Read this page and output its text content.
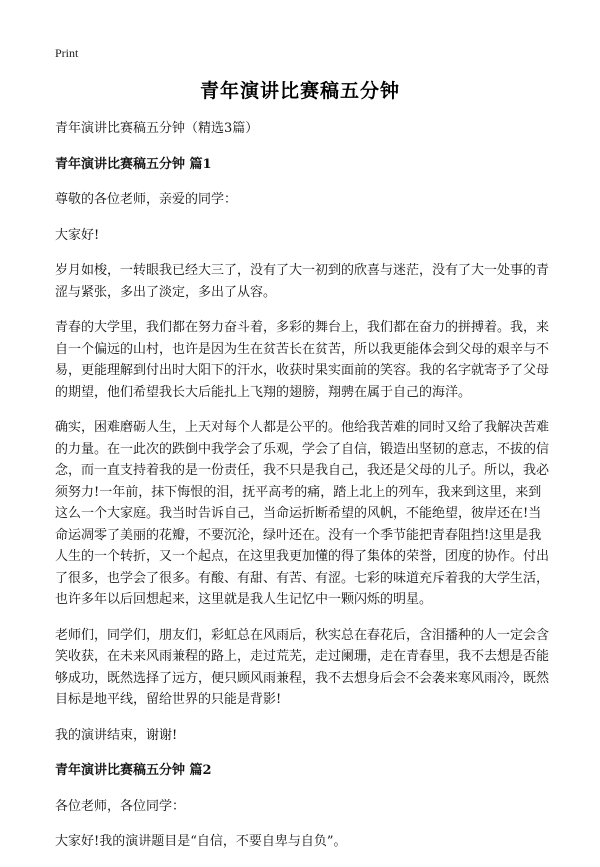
Print
青年演讲比赛稿五分钟

青年演讲比赛稿五分钟（精选3篇）

青年演讲比赛稿五分钟 篇1

尊敬的各位老师，亲爱的同学：

大家好!

岁月如梭，一转眼我已经大三了，没有了大一初到的欣喜与迷茫，没有了大一处事的青涩与紧张，多出了淡定，多出了从容。

青春的大学里，我们都在努力奋斗着，多彩的舞台上，我们都在奋力的拼搏着。我，来自一个偏远的山村，也许是因为生在贫苦长在贫苦，所以我更能体会到父母的艰辛与不易，更能理解到付出时大阳下的汗水，收获时果实面前的笑容。我的名字就寄予了父母的期望，他们希望我长大后能扎上飞翔的翅膀，翔骋在属于自己的海洋。

确实，困难磨砺人生，上天对每个人都是公平的。他给我苦难的同时又给了我解决苦难的力量。在一此次的跌倒中我学会了乐观，学会了自信，锻造出坚韧的意志，不拔的信念，而一直支持着我的是一份责任，我不只是我自己，我还是父母的儿子。所以，我必须努力!一年前，抹下悔恨的泪，抚平高考的痛，踏上北上的列车，我来到这里，来到这么一个大家庭。我当时告诉自己，当命运折断希望的风帆，不能绝望，彼岸还在!当命运凋零了美丽的花瓣，不要沉沦，绿叶还在。没有一个季节能把青春阻挡!这里是我人生的一个转折，又一个起点，在这里我更加懂的得了集体的荣誉，团度的协作。付出了很多，也学会了很多。有酸、有甜、有苦、有涩。七彩的味道充斥着我的大学生活，也许多年以后回想起来，这里就是我人生记忆中一颗闪烁的明星。

老师们，同学们，朋友们，彩虹总在风雨后，秋实总在春花后，含泪播种的人一定会含笑收获，在未来风雨兼程的路上，走过荒芜，走过阑珊，走在青春里，我不去想是否能够成功，既然选择了远方，便只顾风雨兼程，我不去想身后会不会袭来寒风雨冷，既然目标是地平线，留给世界的只能是背影!

我的演讲结束，谢谢!

青年演讲比赛稿五分钟 篇2

各位老师，各位同学：

大家好!我的演讲题目是“自信，不要自卑与自负”。
